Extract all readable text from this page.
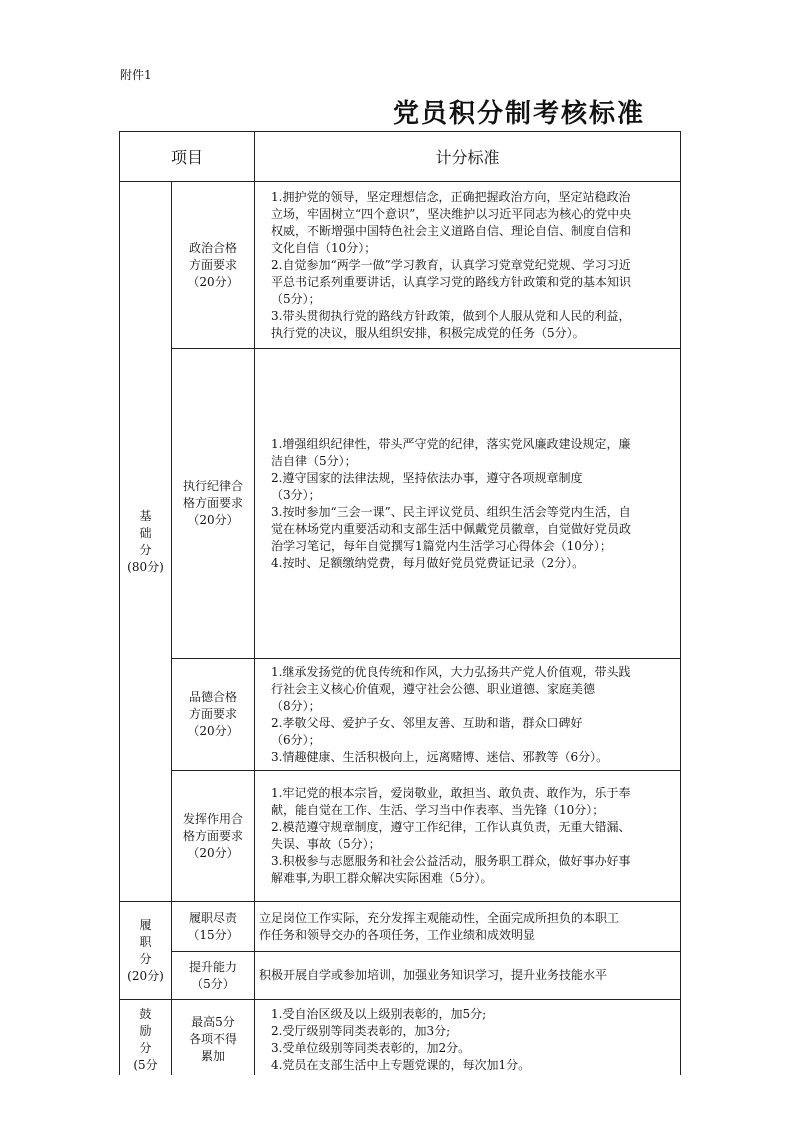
附件1
党员积分制考核标准
项目	计分标准
基
础
分
(80分)
履
职
分
(20分)
鼓
励
分
(5分
政治合格
方面要求
（20分）
1.拥护党的领导，坚定理想信念，正确把握政治方向，坚定站稳政治
立场，牢固树立“四个意识”，坚决维护以习近平同志为核心的党中央
权威，不断增强中国特色社会主义道路自信、理论自信、制度自信和
文化自信（10分）；
2.自觉参加“两学一做”学习教育，认真学习党章党纪党规、学习习近
平总书记系列重要讲话，认真学习党的路线方针政策和党的基本知识
（5分）；
3.带头贯彻执行党的路线方针政策，做到个人服从党和人民的利益，
执行党的决议，服从组织安排，积极完成党的任务（5分）。
执行纪律合
格方面要求
（20分）
1.增强组织纪律性，带头严守党的纪律，落实党风廉政建设规定，廉
洁自律（5分）；
2.遵守国家的法律法规，坚持依法办事，遵守各项规章制度
（3分）；
3.按时参加“三会一课”、民主评议党员、组织生活会等党内生活，自
觉在林场党内重要活动和支部生活中佩戴党员徽章，自觉做好党员政
治学习笔记，每年自觉撰写1篇党内生活学习心得体会（10分）；
4.按时、足额缴纳党费，每月做好党员党费证记录（2分）。
品德合格
方面要求
（20分）
1.继承发扬党的优良传统和作风，大力弘扬共产党人价值观，带头践
行社会主义核心价值观，遵守社会公德、职业道德、家庭美德
（8分）；
2.孝敬父母、爱护子女、邻里友善、互助和谐，群众口碑好
（6分）；
3.情趣健康、生活积极向上，远离赌博、迷信、邪教等（6分）。
发挥作用合
格方面要求
（20分）
1.牢记党的根本宗旨，爱岗敬业，敢担当、敢负责、敢作为，乐于奉
献，能自觉在工作、生活、学习当中作表率、当先锋（10分）；
2.模范遵守规章制度，遵守工作纪律，工作认真负责，无重大错漏、
失误、事故（5分）；
3.积极参与志愿服务和社会公益活动，服务职工群众，做好事办好事
解难事,为职工群众解决实际困难（5分）。
履职尽责
（15分）
立足岗位工作实际，充分发挥主观能动性，全面完成所担负的本职工
作任务和领导交办的各项任务，工作业绩和成效明显
提升能力
（5分）
积极开展自学或参加培训，加强业务知识学习，提升业务技能水平
最高5分
各项不得
累加
1.受自治区级及以上级别表彰的，加5分;
2.受厅级别等同类表彰的，加3分;
3.受单位级别等同类表彰的，加2分。
4.党员在支部生活中上专题党课的，每次加1分。
